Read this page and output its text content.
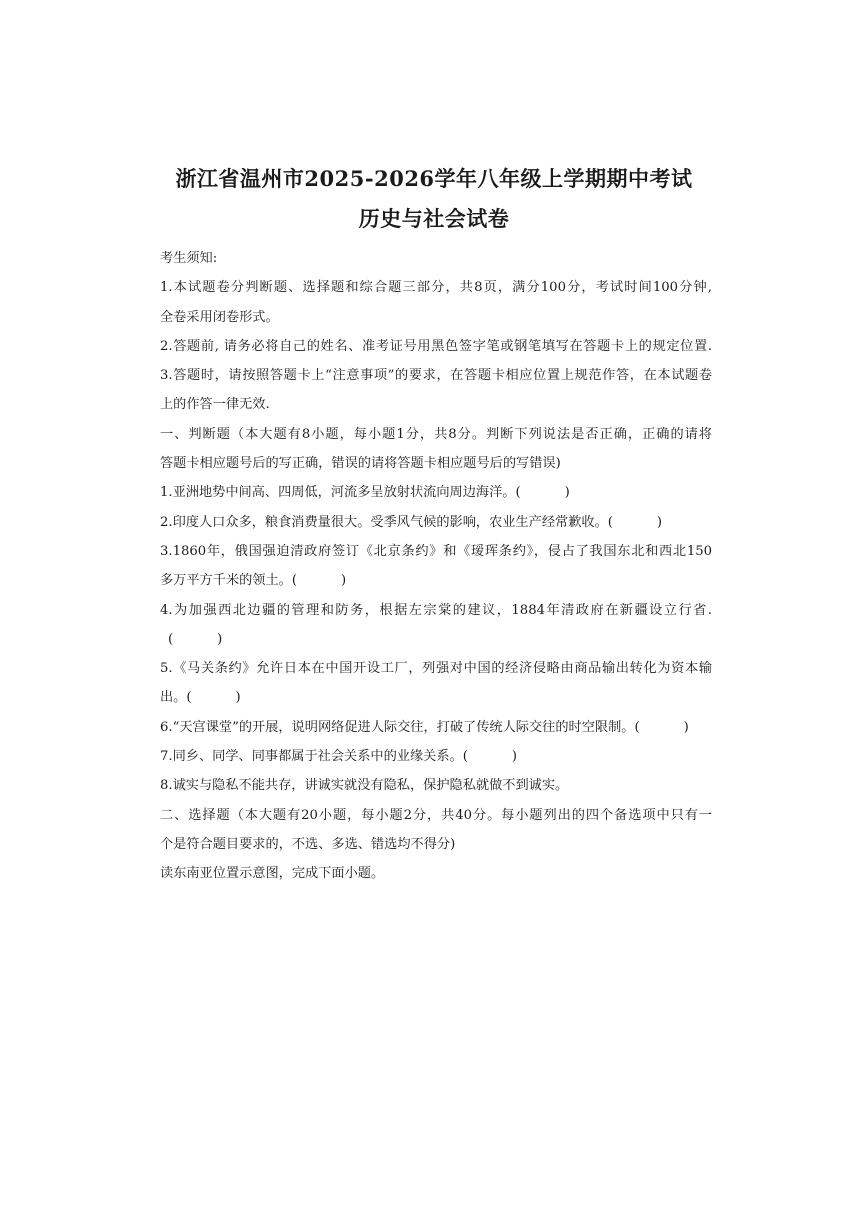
浙江省温州市2025-2026学年八年级上学期期中考试
历史与社会试卷
考生须知:
1.本试题卷分判断题、选择题和综合题三部分，共8页，满分100分，考试时间100分钟,
全卷采用闭卷形式。
2.答题前, 请务必将自己的姓名、准考证号用黑色签字笔或钢笔填写在答题卡上的规定位置.
3.答题时，请按照答题卡上“注意事项”的要求，在答题卡相应位置上规范作答，在本试题卷
上的作答一律无效.
一、判断题（本大题有8小题，每小题1分，共8分。判断下列说法是否正确，正确的请将
答题卡相应题号后的写正确，错误的请将答题卡相应题号后的写错误)
1.亚洲地势中间高、四周低，河流多呈放射状流向周边海洋。(	)
2.印度人口众多，粮食消费量很大。受季风气候的影响，农业生产经常歉收。(	)
3.1860年，俄国强迫清政府签订《北京条约》和《瑷珲条约》，侵占了我国东北和西北150
多万平方千米的领土。(	)
4.为加强西北边疆的管理和防务，根据左宗棠的建议，1884年清政府在新疆设立行省.
(	)
5.《马关条约》允许日本在中国开设工厂，列强对中国的经济侵略由商品输出转化为资本输
出。(	)
6.“天宫课堂”的开展，说明网络促进人际交往，打破了传统人际交往的时空限制。(	)
7.同乡、同学、同事都属于社会关系中的业缘关系。(	)
8.诚实与隐私不能共存，讲诚实就没有隐私，保护隐私就做不到诚实。
二、选择题（本大题有20小题，每小题2分，共40分。每小题列出的四个备选项中只有一
个是符合题目要求的，不选、多选、错选均不得分)
读东南亚位置示意图，完成下面小题。
